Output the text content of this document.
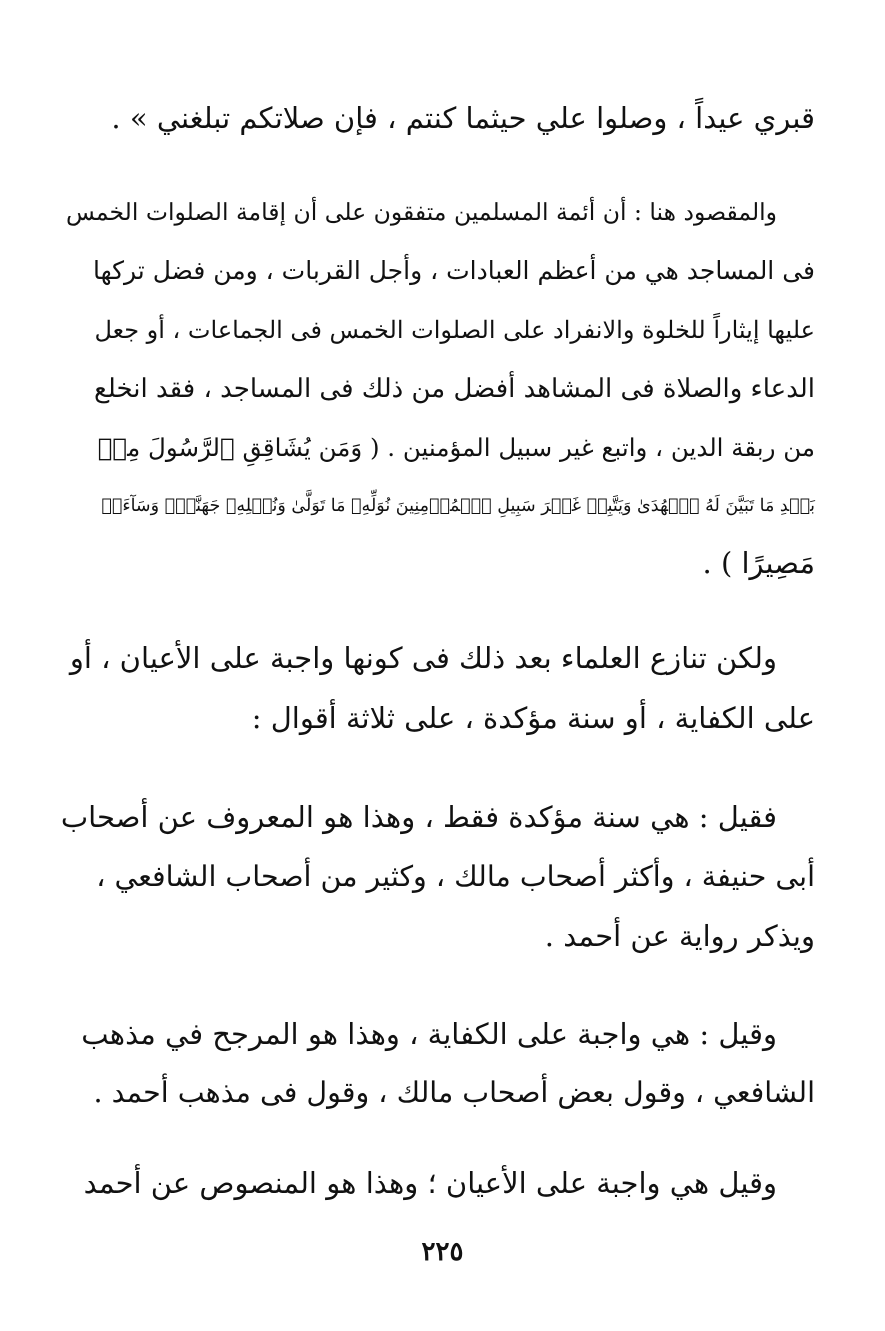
قبري عيداً ، وصلوا علي حيثما كنتم ، فإن صلاتكم تبلغني » .
والمقصود هنا : أن أئمة المسلمين متفقون على أن إقامة الصلوات الخمس
فى المساجد هي من أعظم العبادات ، وأجل القربات ، ومن فضل تركها
عليها إيثاراً للخلوة والانفراد على الصلوات الخمس فى الجماعات ، أو جعل
الدعاء والصلاة فى المشاهد أفضل من ذلك فى المساجد ، فقد انخلع
من ربقة الدين ، واتبع غير سبيل المؤمنين . ( وَمَن يُشَاقِقِ ٱلرَّسُولَ مِنۢ
بَعۡدِ مَا تَبَيَّنَ لَهُ ٱلۡهُدَىٰ وَيَتَّبِعۡ غَيۡرَ سَبِيلِ ٱلۡمُؤۡمِنِينَ نُوَلِّهِۦ مَا تَوَلَّىٰ وَنُصۡلِهِۦ جَهَنَّمَۖ وَسَآءَتۡ
مَصِيرًا ) .
ولكن تنازع العلماء بعد ذلك فى كونها واجبة على الأعيان ، أو
على الكفاية ، أو سنة مؤكدة ، على ثلاثة أقوال :
فقيل : هي سنة مؤكدة فقط ، وهذا هو المعروف عن أصحاب
أبى حنيفة ، وأكثر أصحاب مالك ، وكثير من أصحاب الشافعي ،
ويذكر رواية عن أحمد .
وقيل : هي واجبة على الكفاية ، وهذا هو المرجح في مذهب
الشافعي ، وقول بعض أصحاب مالك ، وقول فى مذهب أحمد .
وقيل هي واجبة على الأعيان ؛ وهذا هو المنصوص عن أحمد
٢٢٥
